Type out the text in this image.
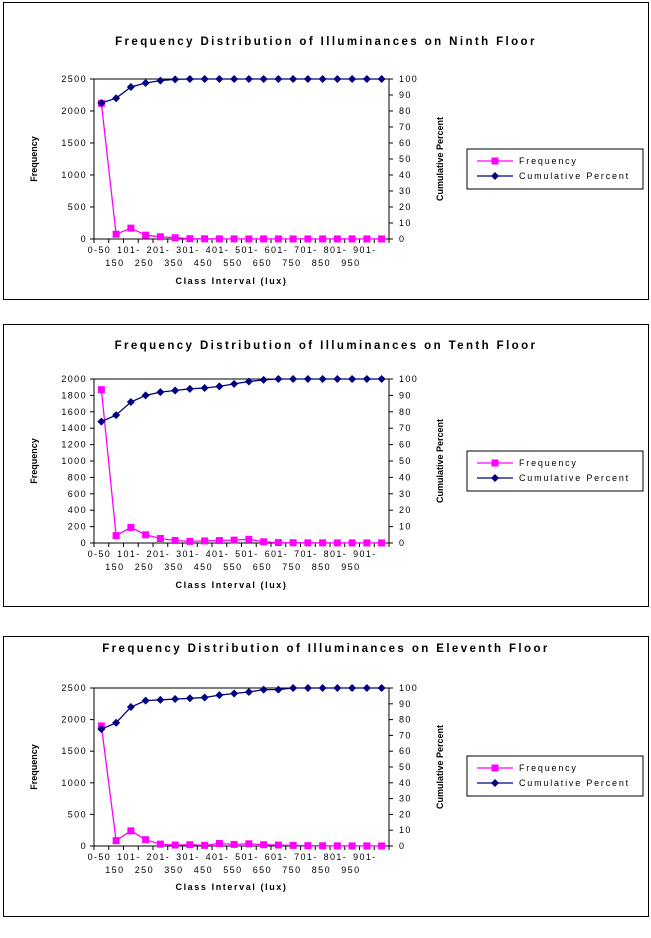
Frequency Distribution of Illuminances on Ninth Floor
0
500
1000
1500
2000
2500
0
10
20
30
40
50
60
70
80
90
100
0-50 101- 201- 301- 401- 501- 601- 701- 801- 901-
150 250 350 450 550 650 750 850 950
Class Interval (lux)
Frequency	Cumulative Percent	Frequency
Cumulative Percent
Frequency Distribution of Illuminances on Tenth Floor
0
200
400
600
800
1000
1200
1400
1600
1800
2000
0
10
20
30
40
50
60
70
80
90
100
0-50 101- 201- 301- 401- 501- 601- 701- 801- 901-
150 250 350 450 550 650 750 850 950
Class Interval (lux)
Frequency	Cumulative Percent	Frequency
Cumulative Percent
Frequency Distribution of Illuminances on Eleventh Floor
0
500
1000
1500
2000
2500
0
10
20
30
40
50
60
70
80
90
100
0-50 101- 201- 301- 401- 501- 601- 701- 801- 901-
150 250 350 450 550 650 750 850 950
Class Interval (lux)
Frequency	Cumulative Percent	Frequency
Cumulative Percent
